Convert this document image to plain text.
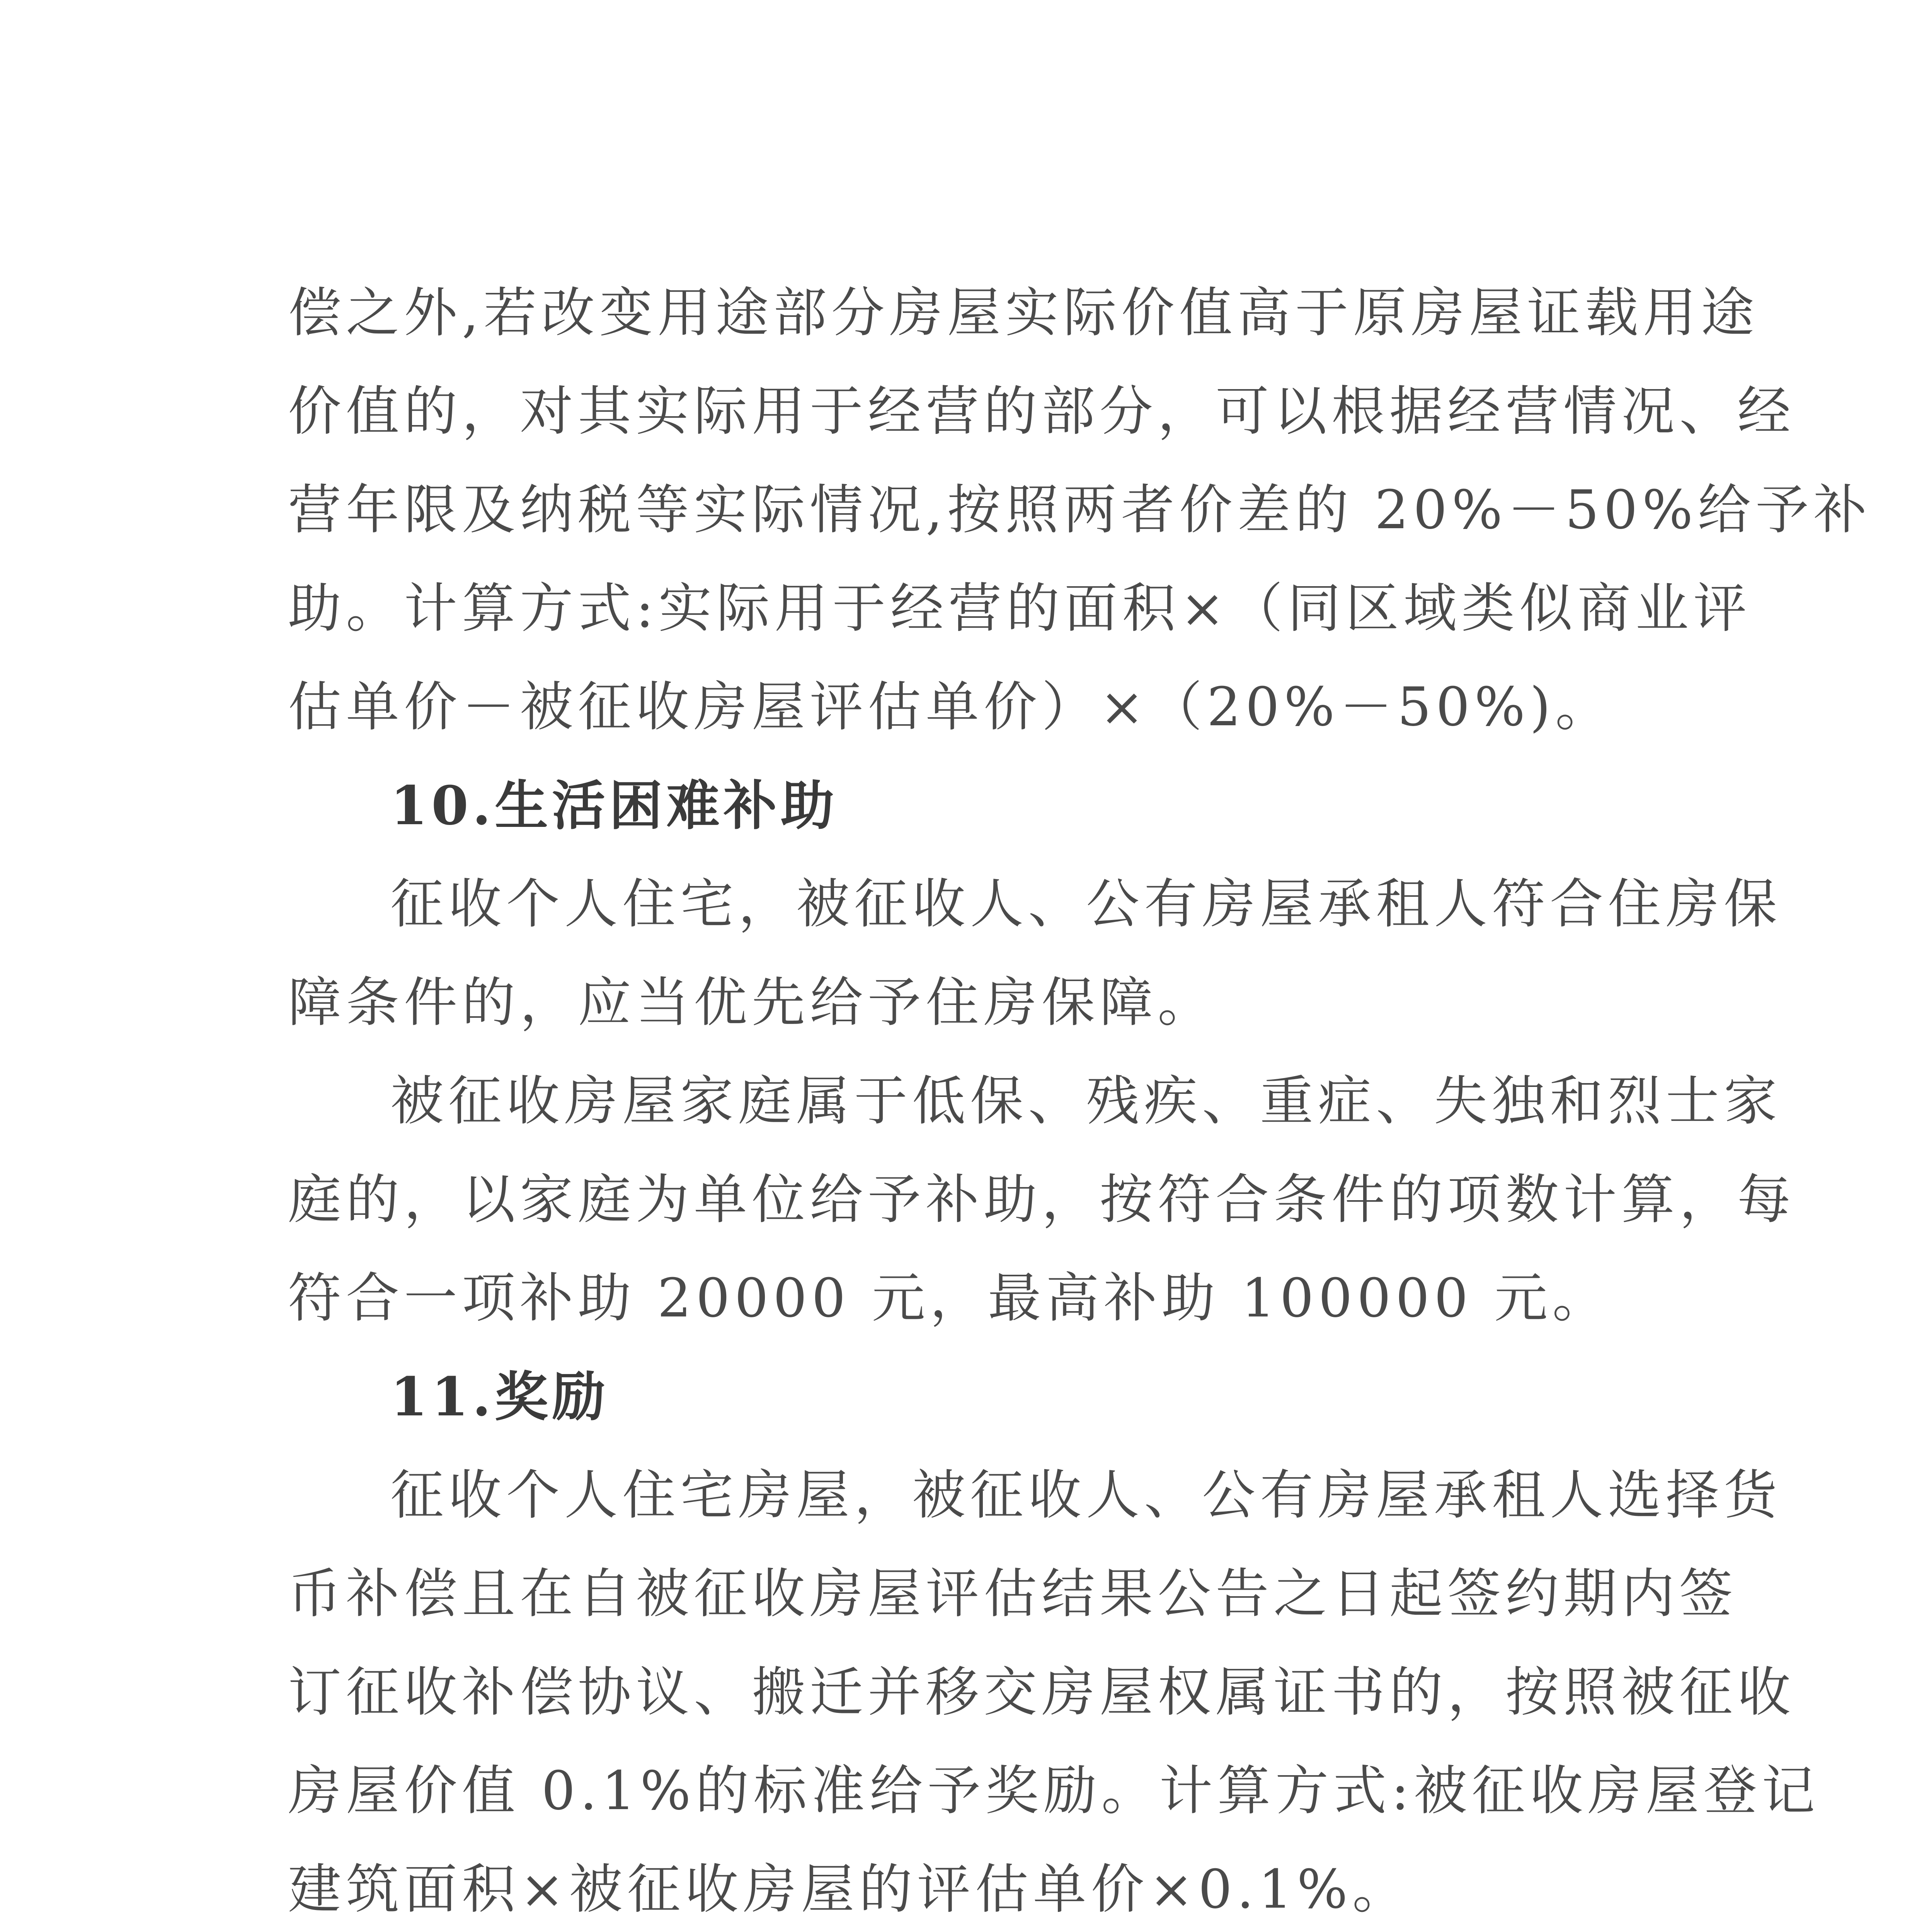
偿之外,若改变用途部分房屋实际价值高于原房屋证载用途
价值的，对其实际用于经营的部分，可以根据经营情况、经
营年限及纳税等实际情况,按照两者价差的 20%－50%给予补
助。计算方式:实际用于经营的面积×（同区域类似商业评
估单价－被征收房屋评估单价）×（20%－50%)。
10.生活困难补助
征收个人住宅，被征收人、公有房屋承租人符合住房保
障条件的，应当优先给予住房保障。
被征收房屋家庭属于低保、残疾、重症、失独和烈士家
庭的，以家庭为单位给予补助，按符合条件的项数计算，每
符合一项补助 20000 元，最高补助 100000 元。
11.奖励
征收个人住宅房屋，被征收人、公有房屋承租人选择货
币补偿且在自被征收房屋评估结果公告之日起签约期内签
订征收补偿协议、搬迁并移交房屋权属证书的，按照被征收
房屋价值 0.1%的标准给予奖励。计算方式:被征收房屋登记
建筑面积×被征收房屋的评估单价×0.1%。
